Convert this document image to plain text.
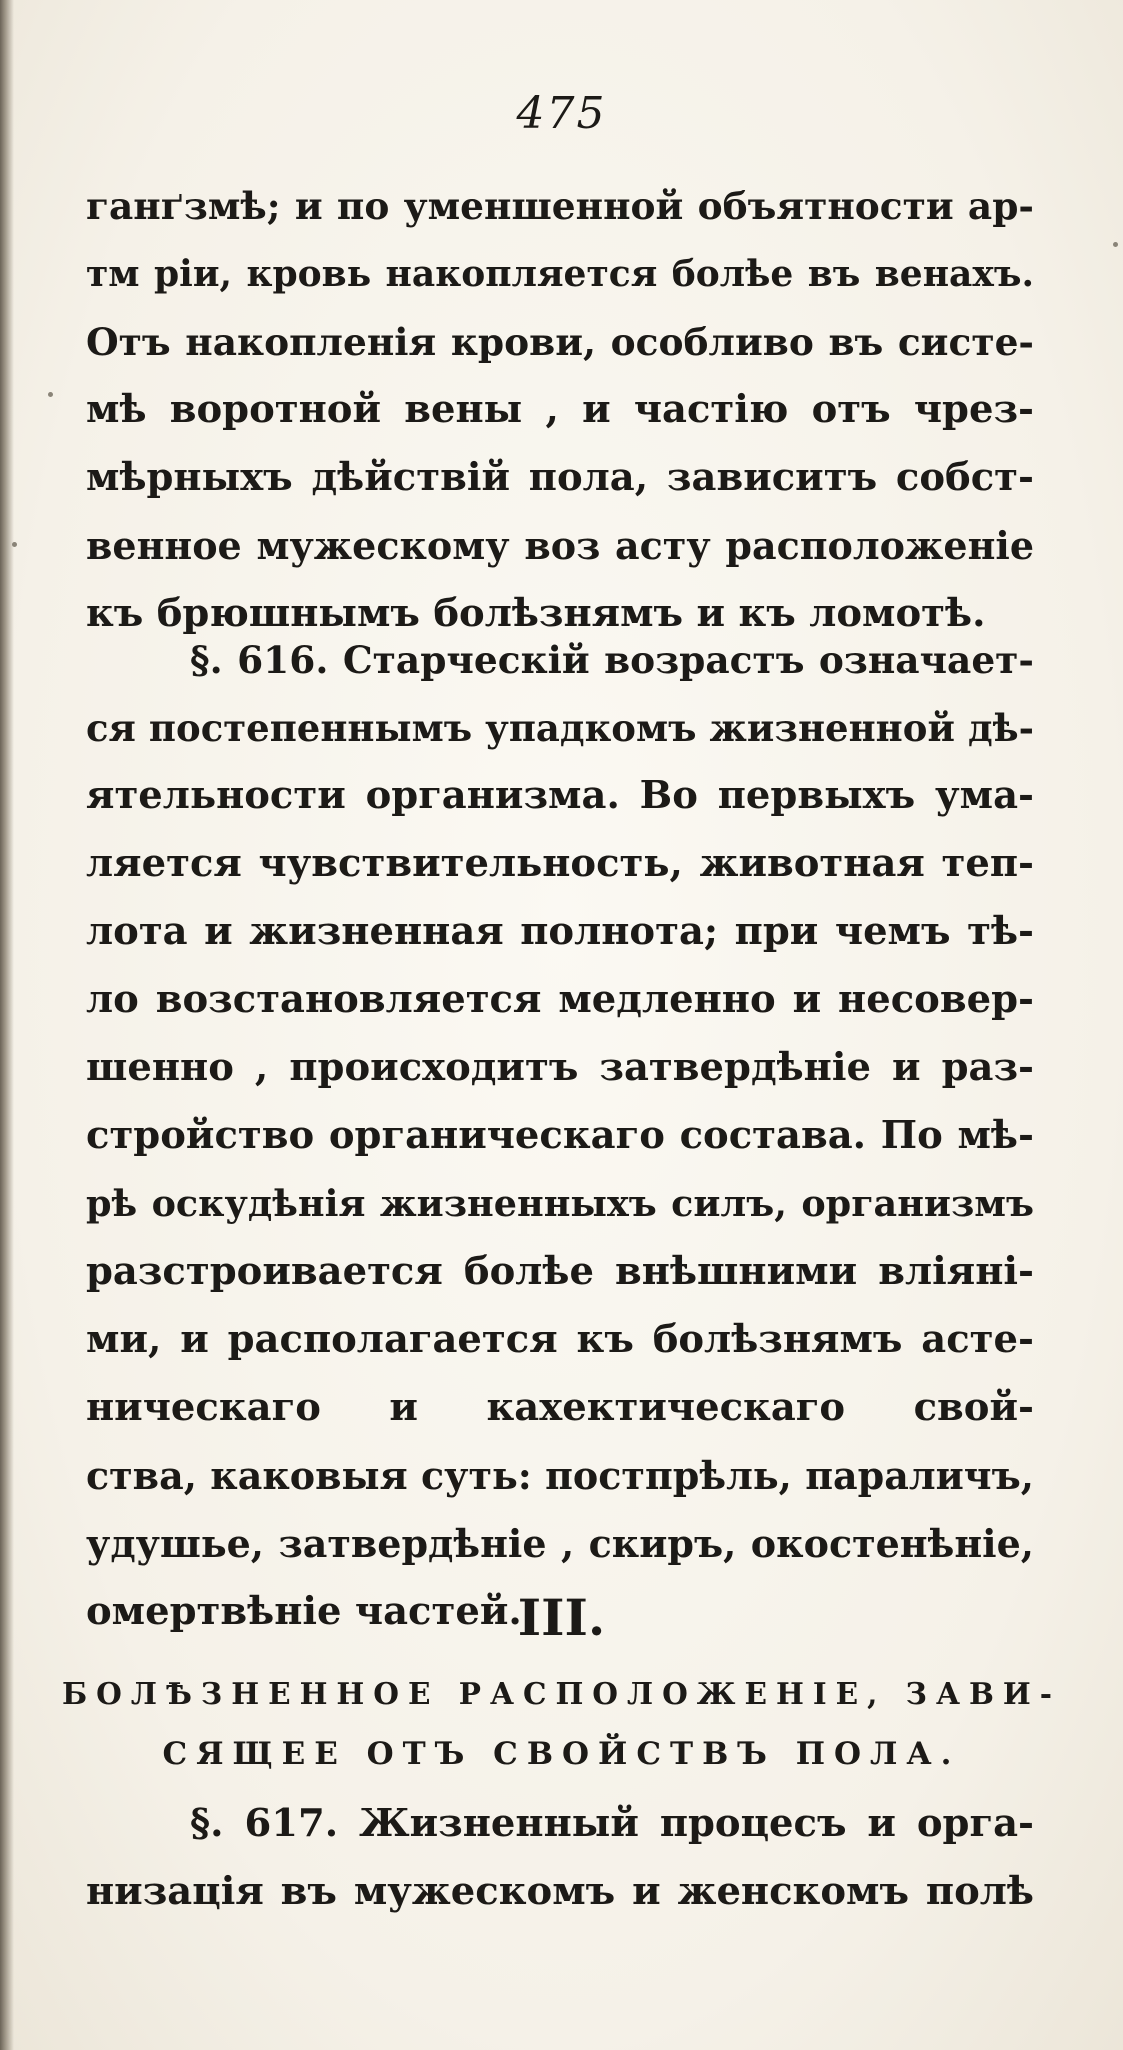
475
ганґзмѣ; и по уменшенной объятности ар-
тм ріи, кровь накопляется болѣе въ венахъ.
Отъ накопленія крови, особливо въ систе-
мѣ воротной вены , и частію отъ чрез-
мѣрныхъ дѣйствій пола, зависитъ собст-
венное мужескому воз асту расположеніе
къ брюшнымъ болѣзнямъ и къ ломотѣ.
§. 616. Старческій возрастъ означает-
ся постепеннымъ упадкомъ жизненной дѣ-
ятельности организма. Во первыхъ ума-
ляется чувствительность, животная теп-
лота и жизненная полнота; при чемъ тѣ-
ло возстановляется медленно и несовер-
шенно , происходитъ затвердѣніе и раз-
стройство органическаго состава. По мѣ-
рѣ оскудѣнія жизненныхъ силъ, организмъ
разстроивается болѣе внѣшними вліяні-
ми, и располагается къ болѣзнямъ асте-
ническаго и кахектическаго свой-
ства, каковыя суть: постпрѣль, параличъ,
удушье, затвердѣніе , скиръ, окостенѣніе,
омертвѣніе частей.
III.
БОЛѢЗНЕННОЕ РАСПОЛОЖЕНІЕ, ЗАВИ-
СЯЩЕЕ ОТЪ СВОЙСТВЪ ПОЛА.
§. 617. Жизненный процесъ и орга-
низація въ мужескомъ и женскомъ полѣ
